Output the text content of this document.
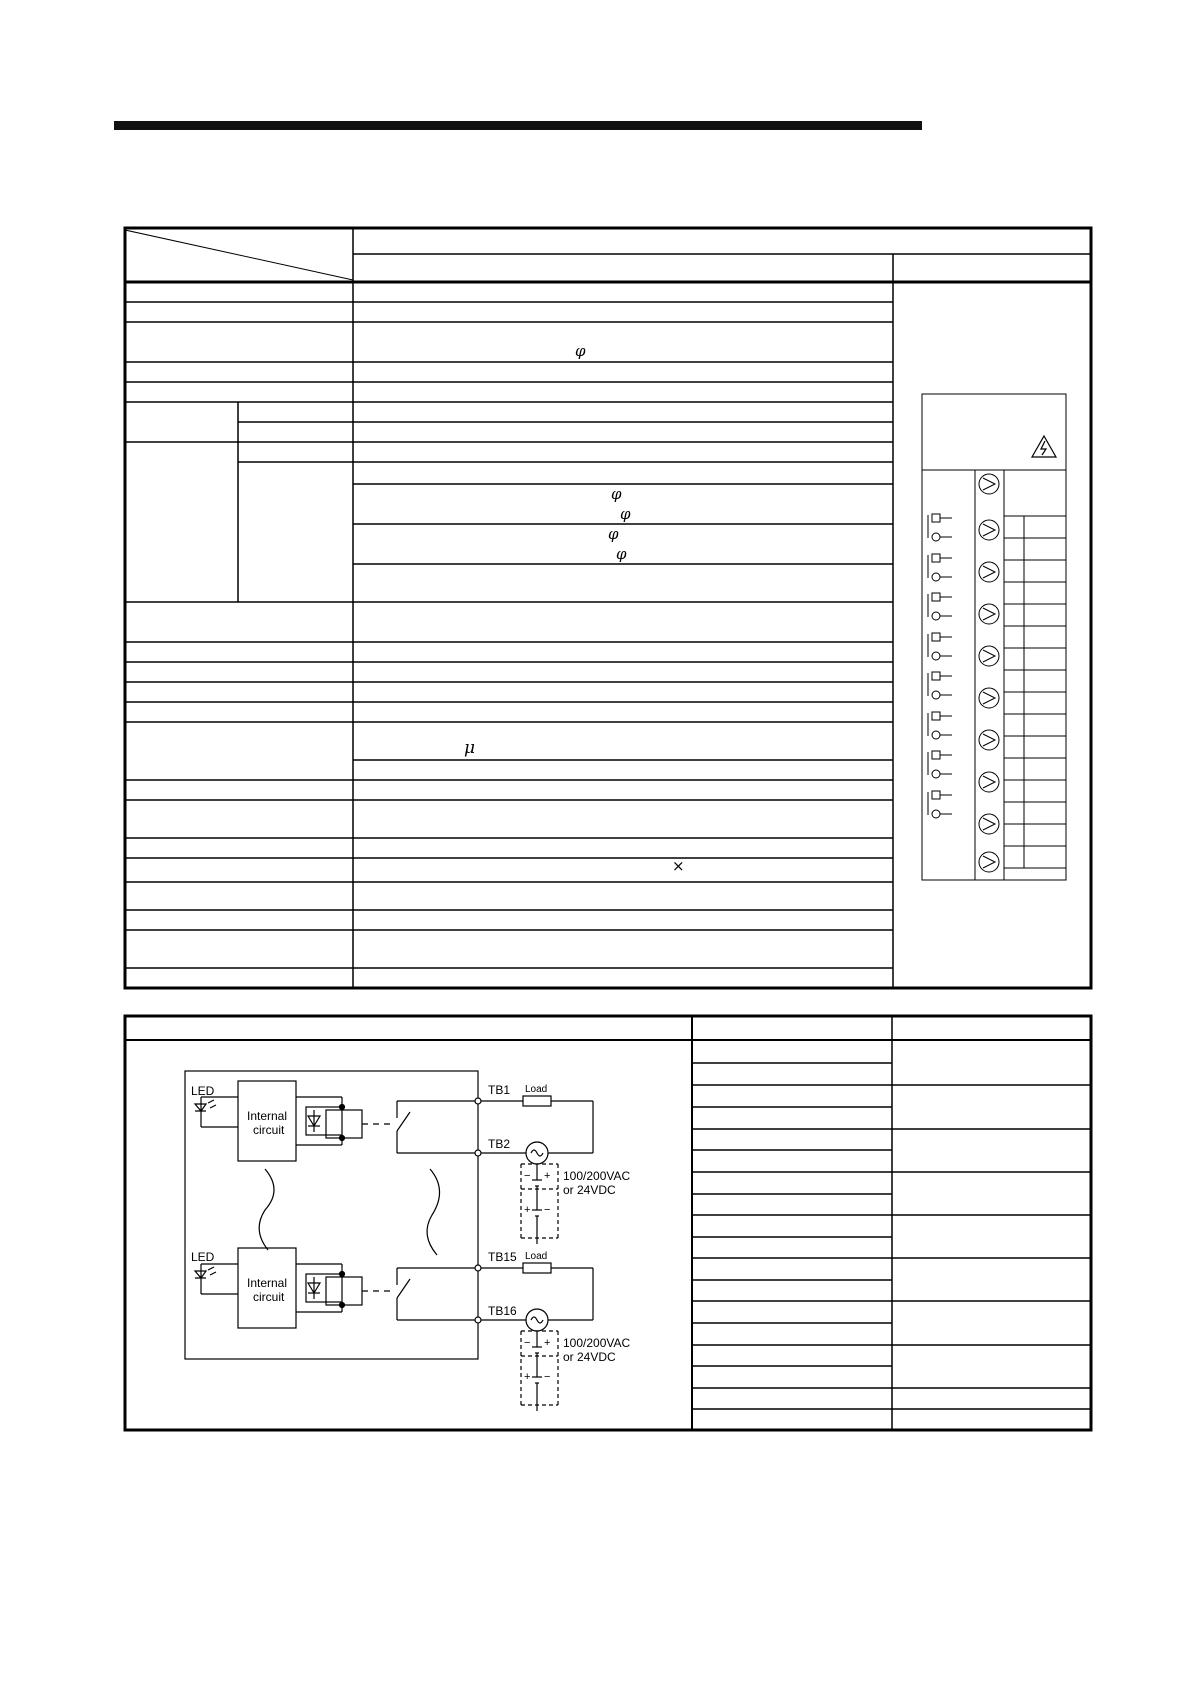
φ
φ
φ
φ
φ
μ
×
LED
Internal
circuit
TB1
TB2
Load
100/200VAC
or 24VDC
− +
+ −
LED
Internal
circuit
TB15
TB16
Load
100/200VAC
or 24VDC
− +
+ −
